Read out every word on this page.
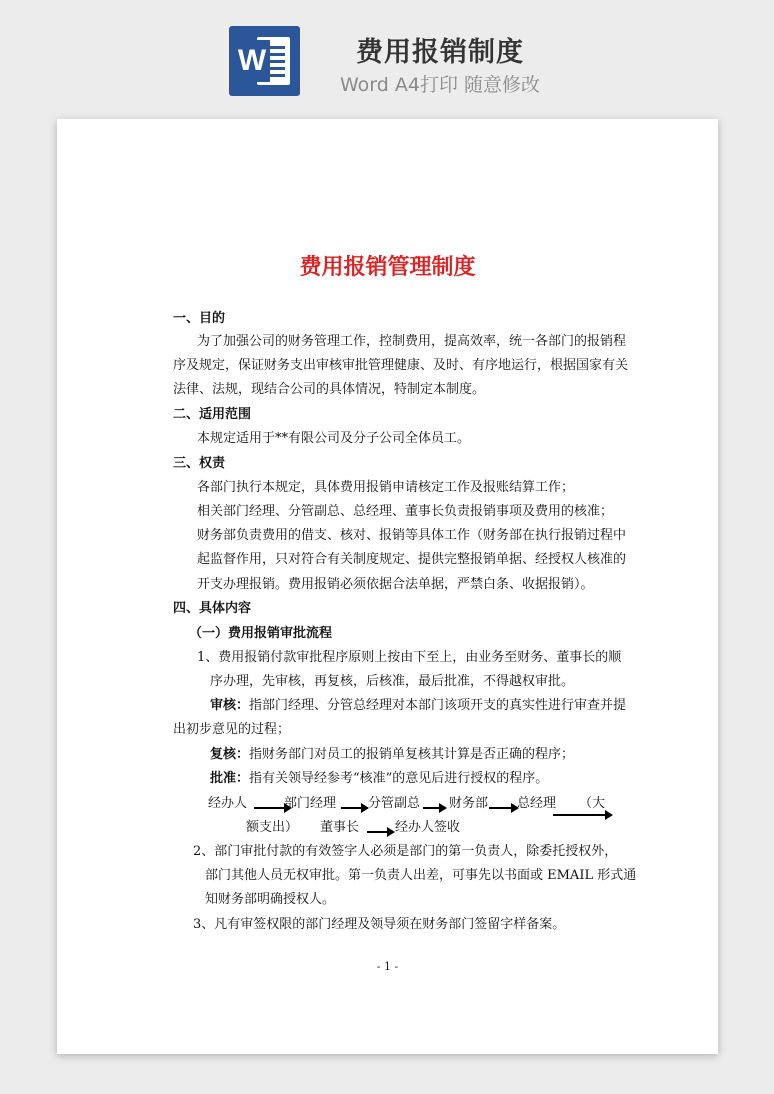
W	费用报销制度
Word A4打印 随意修改
费用报销管理制度
一、目的
为了加强公司的财务管理工作，控制费用，提高效率，统一各部门的报销程
序及规定，保证财务支出审核审批管理健康、及时、有序地运行，根据国家有关
法律、法规，现结合公司的具体情况，特制定本制度。
二、适用范围
本规定适用于**有限公司及分子公司全体员工。
三、权责
各部门执行本规定，具体费用报销申请核定工作及报账结算工作；
相关部门经理、分管副总、总经理、董事长负责报销事项及费用的核准；
财务部负责费用的借支、核对、报销等具体工作（财务部在执行报销过程中
起监督作用，只对符合有关制度规定、提供完整报销单据、经授权人核准的
开支办理报销。费用报销必须依据合法单据，严禁白条、收据报销）。
四、具体内容
（一）费用报销审批流程
1、费用报销付款审批程序原则上按由下至上，由业务至财务、董事长的顺
序办理，先审核，再复核，后核准，最后批准，不得越权审批。
审核：指部门经理、分管总经理对本部门该项开支的真实性进行审查并提
出初步意见的过程；
复核：指财务部门对员工的报销单复核其计算是否正确的程序；
批准：指有关领导经参考“核准”的意见后进行授权的程序。
经办人	部门经理 分管副总 财务部 总经理 （大
额支出） 董事长	经办人签收
2、部门审批付款的有效签字人必须是部门的第一负责人，除委托授权外，
部门其他人员无权审批。第一负责人出差，可事先以书面或 EMAIL 形式通
知财务部明确授权人。
3、凡有审签权限的部门经理及领导须在财务部门签留字样备案。
- 1 -
